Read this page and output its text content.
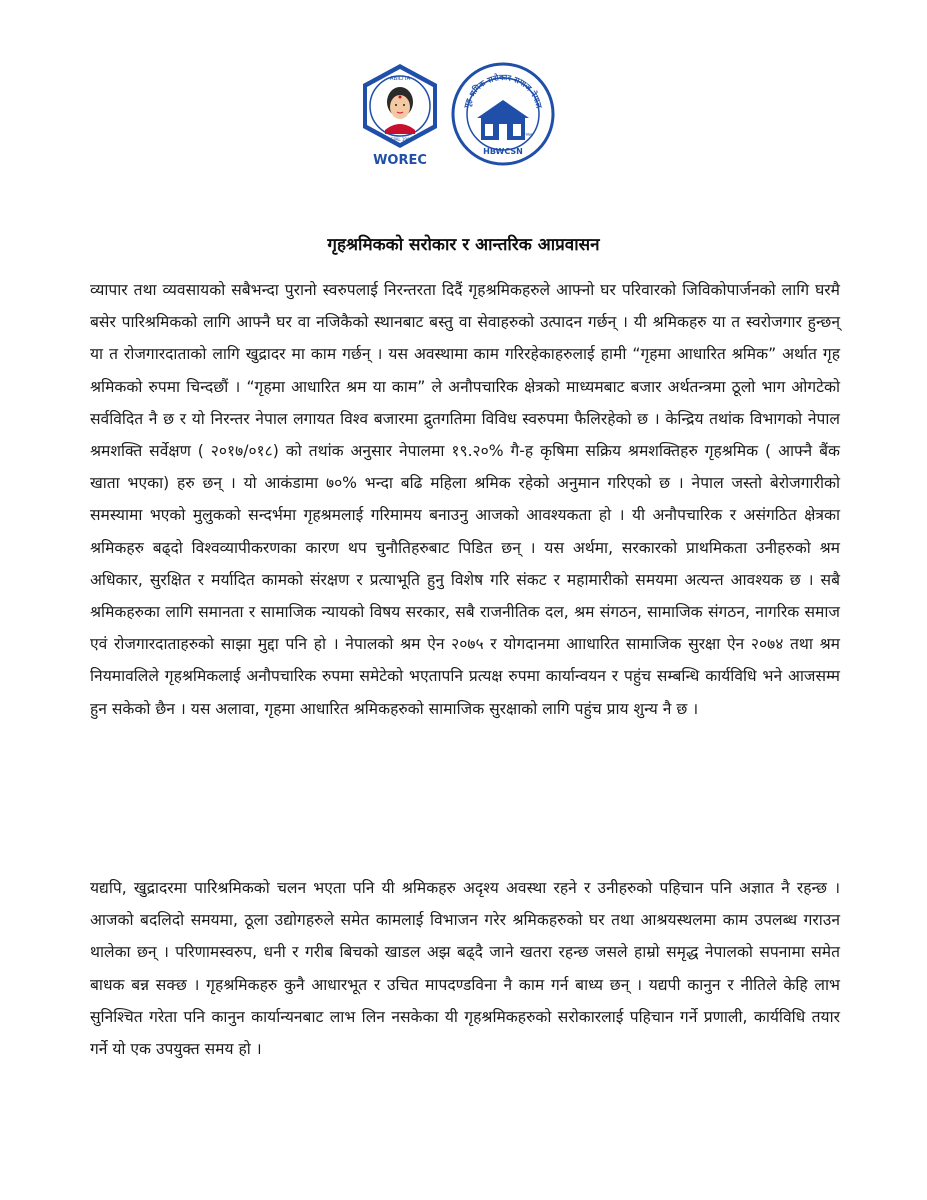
ABILITA
NEPAL 1991
WOREC
गृह श्रमिक सरोकार समाज नेपाल
२०७०
HBWCSN
गृहश्रमिकको सरोकार र आन्तरिक आप्रवासन
व्यापार तथा व्यवसायको सबैभन्दा पुरानो स्वरुपलाई निरन्तरता दिदैं गृहश्रमिकहरुले आफ्नो घर परिवारको जिविकोपार्जनको लागि घरमै बसेर पारिश्रमिकको लागि आफ्नै घर वा नजिकैको स्थानबाट बस्तु वा सेवाहरुको उत्पादन गर्छन् । यी श्रमिकहरु या त स्वरोजगार हुन्छन् या त रोजगारदाताको लागि खुद्रादर मा काम गर्छन् । यस अवस्थामा काम गरिरहेकाहरुलाई हामी “गृहमा आधारित श्रमिक” अर्थात गृह श्रमिकको रुपमा चिन्दछौं । “गृहमा आधारित श्रम या काम” ले अनौपचारिक क्षेत्रको माध्यमबाट बजार अर्थतन्त्रमा ठूलो भाग ओगटेको सर्वविदित नै छ र यो निरन्तर नेपाल लगायत विश्व बजारमा द्रुतगतिमा विविध स्वरुपमा फैलिरहेको छ । केन्द्रिय तथांक विभागको नेपाल श्रमशक्ति सर्वेक्षण ( २०१७/०१८) को तथांक अनुसार नेपालमा १९.२०% गै-ह कृषिमा सक्रिय श्रमशक्तिहरु गृहश्रमिक ( आफ्नै बैंक खाता भएका) हरु छन् । यो आकंडामा ७०% भन्दा बढि महिला श्रमिक रहेको अनुमान गरिएको छ । नेपाल जस्तो बेरोजगारीको समस्यामा भएको मुलुकको सन्दर्भमा गृहश्रमलाई गरिमामय बनाउनु आजको आवश्यकता हो । यी अनौपचारिक र असंगठित क्षेत्रका श्रमिकहरु बढ्दो विश्वव्यापीकरणका कारण थप चुनौतिहरुबाट पिडित छन् । यस अर्थमा, सरकारको प्राथमिकता उनीहरुको श्रम अधिकार, सुरक्षित र मर्यादित कामको संरक्षण र प्रत्याभूति हुनु विशेष गरि संकट र महामारीको समयमा अत्यन्त आवश्यक छ । सबै श्रमिकहरुका लागि समानता र सामाजिक न्यायको विषय सरकार, सबै राजनीतिक दल, श्रम संगठन, सामाजिक संगठन, नागरिक समाज एवं रोजगारदाताहरुको साझा मुद्दा पनि हो । नेपालको श्रम ऐन २०७५ र योगदानमा आाधारित सामाजिक सुरक्षा ऐन २०७४ तथा श्रम नियमावलिले गृहश्रमिकलाई अनौपचारिक रुपमा समेटेको भएतापनि प्रत्यक्ष रुपमा कार्यान्वयन र पहुंच सम्बन्धि कार्यविधि भने आजसम्म हुन सकेको छैन । यस अलावा, गृहमा आधारित श्रमिकहरुको सामाजिक सुरक्षाको लागि पहुंच प्राय शुन्य नै छ ।
यद्यपि, खुद्रादरमा पारिश्रमिकको चलन भएता पनि यी श्रमिकहरु अदृश्य अवस्था रहने र उनीहरुको पहिचान पनि अज्ञात नै रहन्छ । आजको बदलिदो समयमा, ठूला उद्योगहरुले समेत कामलाई विभाजन गरेर श्रमिकहरुको घर तथा आश्रयस्थलमा काम उपलब्ध गराउन थालेका छन् । परिणामस्वरुप, धनी र गरीब बिचको खाडल अझ बढ्दै जाने खतरा रहन्छ जसले हाम्रो समृद्ध नेपालको सपनामा समेत बाधक बन्न सक्छ । गृहश्रमिकहरु कुनै आधारभूत र उचित मापदण्डविना नै काम गर्न बाध्य छन् । यद्यपी कानुन र नीतिले केहि लाभ सुनिश्चित गरेता पनि कानुन कार्यान्यनबाट लाभ लिन नसकेका यी गृहश्रमिकहरुको सरोकारलाई पहिचान गर्ने प्रणाली, कार्यविधि तयार गर्ने यो एक उपयुक्त समय हो ।
